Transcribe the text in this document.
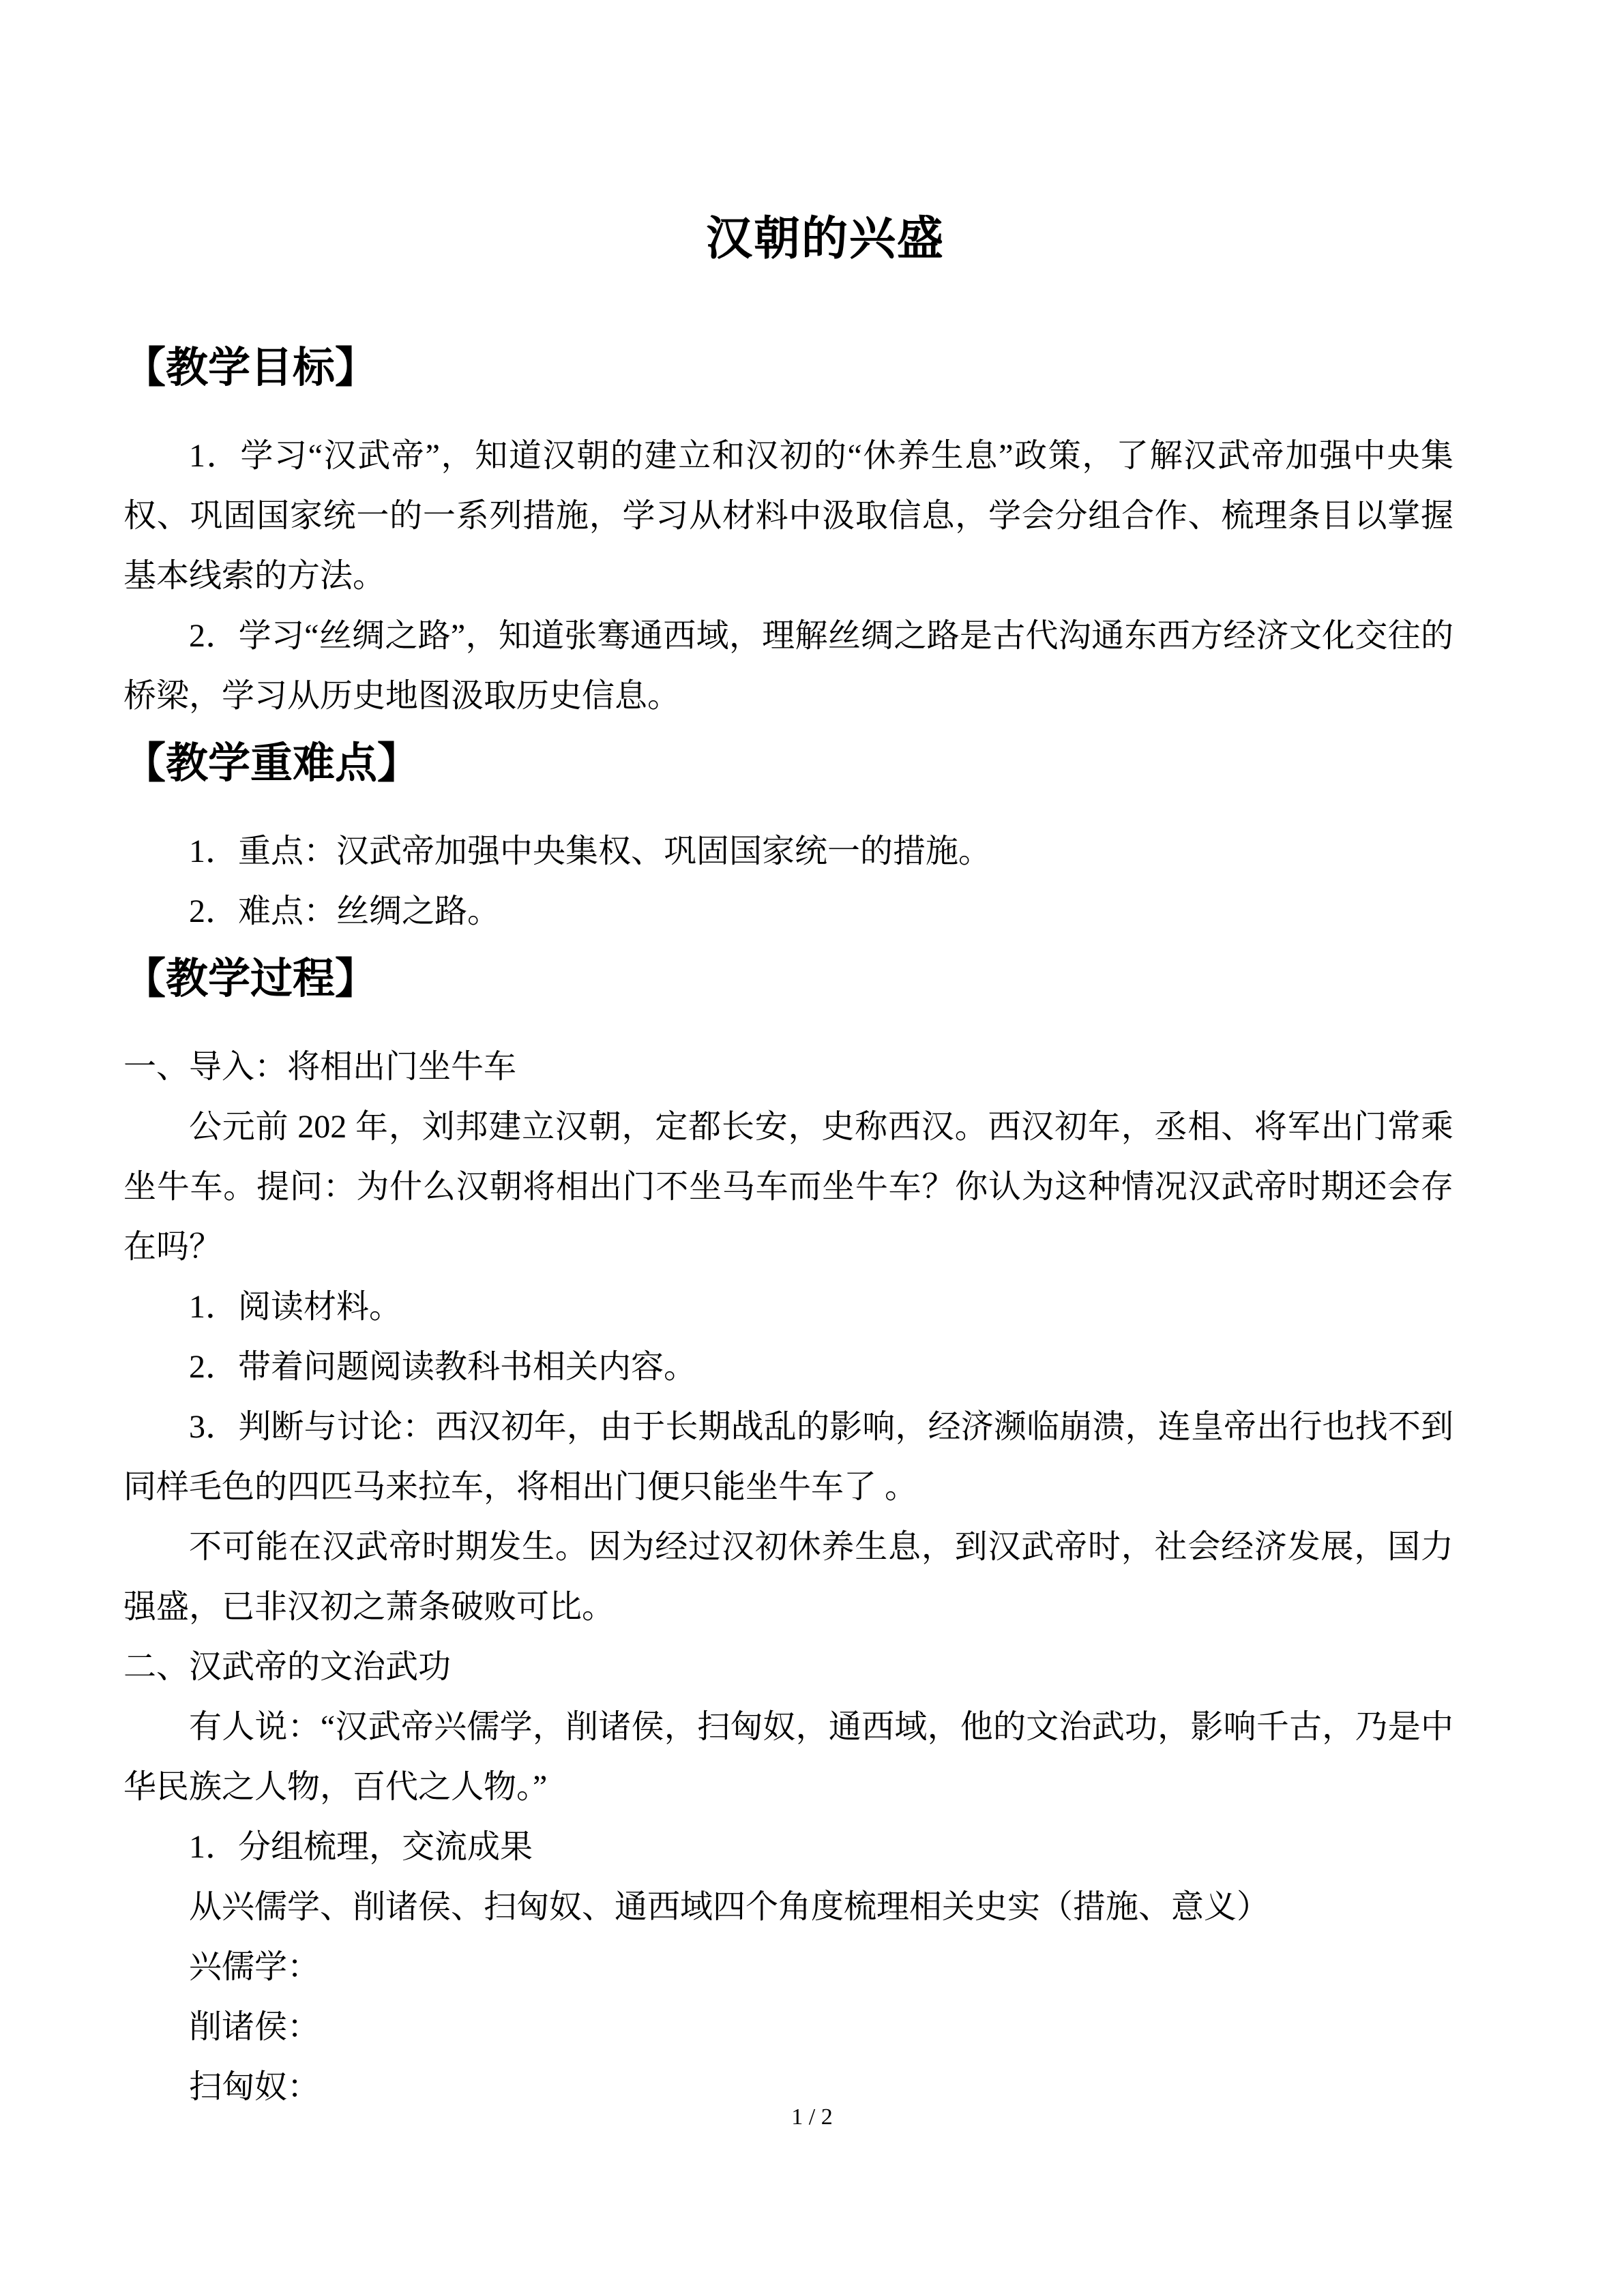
汉朝的兴盛
【教学目标】

1．学习“汉武帝”，知道汉朝的建立和汉初的“休养生息”政策，了解汉武帝加强中央集权、巩固国家统一的一系列措施，学习从材料中汲取信息，学会分组合作、梳理条目以掌握基本线索的方法。

2．学习“丝绸之路”，知道张骞通西域，理解丝绸之路是古代沟通东西方经济文化交往的桥梁，学习从历史地图汲取历史信息。

【教学重难点】

1．重点：汉武帝加强中央集权、巩固国家统一的措施。

2．难点：丝绸之路。

【教学过程】

一、导入：将相出门坐牛车

公元前 202 年，刘邦建立汉朝，定都长安，史称西汉。西汉初年，丞相、将军出门常乘坐牛车。提问：为什么汉朝将相出门不坐马车而坐牛车？你认为这种情况汉武帝时期还会存在吗？

1．阅读材料。

2．带着问题阅读教科书相关内容。

3．判断与讨论：西汉初年，由于长期战乱的影响，经济濒临崩溃，连皇帝出行也找不到同样毛色的四匹马来拉车，将相出门便只能坐牛车了 。

不可能在汉武帝时期发生。因为经过汉初休养生息，到汉武帝时，社会经济发展，国力强盛，已非汉初之萧条破败可比。

二、汉武帝的文治武功

有人说：“汉武帝兴儒学，削诸侯，扫匈奴，通西域，他的文治武功，影响千古，乃是中华民族之人物，百代之人物。”

1．分组梳理，交流成果

从兴儒学、削诸侯、扫匈奴、通西域四个角度梳理相关史实（措施、意义）

兴儒学：

削诸侯：

扫匈奴：

1 / 2
